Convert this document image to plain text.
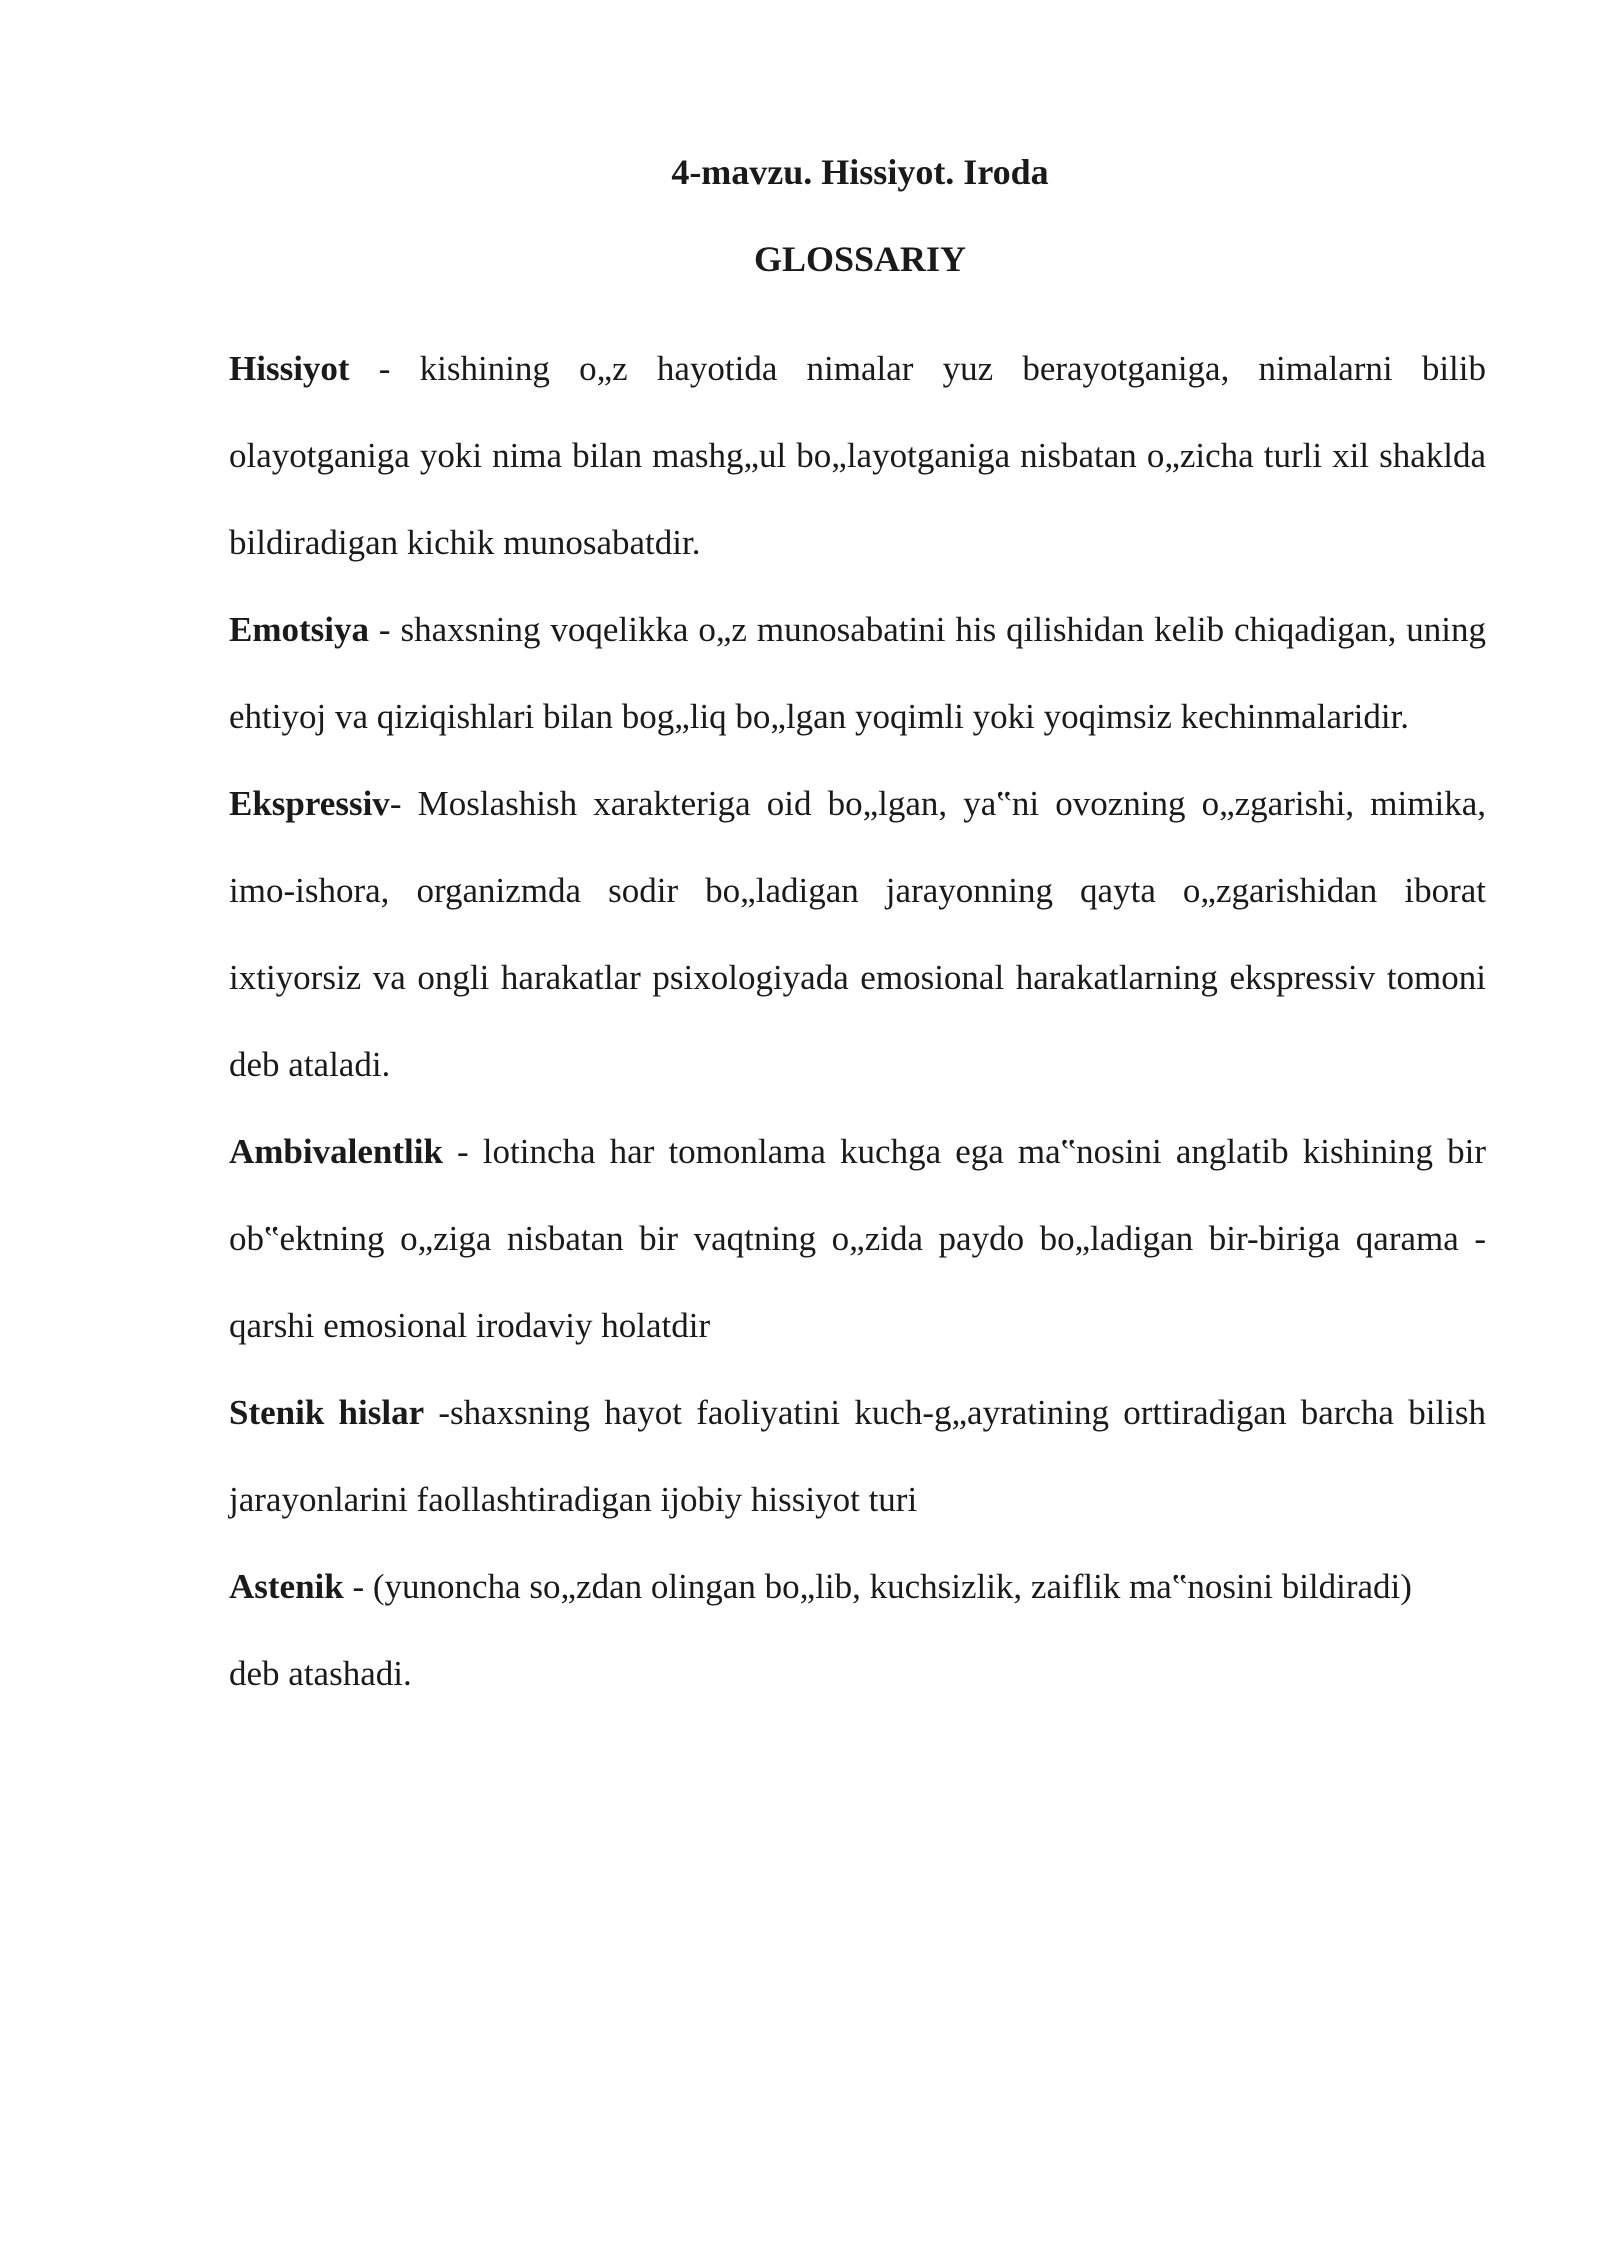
4-mavzu. Hissiyot. Iroda
GLOSSARIY

Hissiyot - kishining o„z hayotida nimalar yuz berayotganiga, nimalarni bilib olayotganiga yoki nima bilan mashg„ul bo„layotganiga nisbatan o„zicha turli xil shaklda bildiradigan kichik munosabatdir.

Emotsiya - shaxsning voqelikka o„z munosabatini his qilishidan kelib chiqadigan, uning ehtiyoj va qiziqishlari bilan bog„liq bo„lgan yoqimli yoki yoqimsiz kechinmalaridir.

Ekspressiv- Moslashish xarakteriga oid bo„lgan, ya‟ni ovozning o„zgarishi, mimika, imo-ishora, organizmda sodir bo„ladigan jarayonning qayta o„zgarishidan iborat ixtiyorsiz va ongli harakatlar psixologiyada emosional harakatlarning ekspressiv tomoni deb ataladi.

Ambivalentlik - lotincha har tomonlama kuchga ega ma‟nosini anglatib kishining bir ob‟ektning o„ziga nisbatan bir vaqtning o„zida paydo bo„ladigan bir-biriga qarama - qarshi emosional irodaviy holatdir

Stenik hislar -shaxsning hayot faoliyatini kuch-g„ayratining orttiradigan barcha bilish jarayonlarini faollashtiradigan ijobiy hissiyot turi

Astenik - (yunoncha so„zdan olingan bo„lib, kuchsizlik, zaiflik ma‟nosini bildiradi)

deb atashadi.
